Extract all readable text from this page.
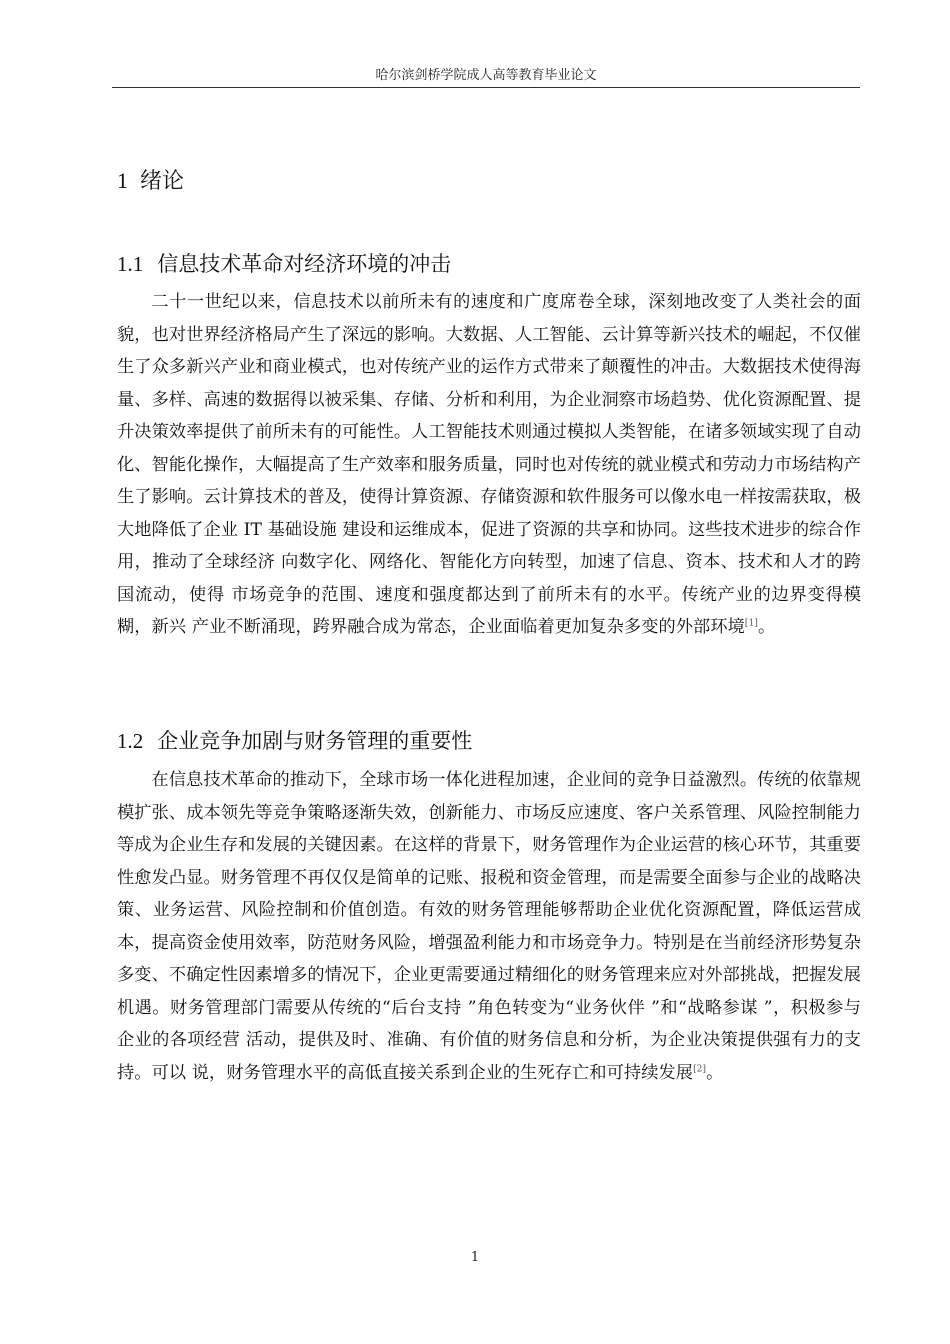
哈尔滨剑桥学院成人高等教育毕业论文
1 绪论
1.1 信息技术革命对经济环境的冲击

二十一世纪以来，信息技术以前所未有的速度和广度席卷全球，深刻地改变了人类社会的面貌，也对世界经济格局产生了深远的影响。大数据、人工智能、云计算等新兴技术的崛起，不仅催生了众多新兴产业和商业模式，也对传统产业的运作方式带来了颠覆性的冲击。大数据技术使得海量、多样、高速的数据得以被采集、存储、分析和利用，为企业洞察市场趋势、优化资源配置、提升决策效率提供了前所未有的可能性。人工智能技术则通过模拟人类智能，在诸多领域实现了自动化、智能化操作，大幅提高了生产效率和服务质量，同时也对传统的就业模式和劳动力市场结构产生了影响。云计算技术的普及，使得计算资源、存储资源和软件服务可以像水电一样按需获取，极大地降低了企业 IT 基础设施 建设和运维成本，促进了资源的共享和协同。这些技术进步的综合作用，推动了全球经济 向数字化、网络化、智能化方向转型，加速了信息、资本、技术和人才的跨国流动，使得 市场竞争的范围、速度和强度都达到了前所未有的水平。传统产业的边界变得模糊，新兴 产业不断涌现，跨界融合成为常态，企业面临着更加复杂多变的外部环境[1]。

1.2 企业竞争加剧与财务管理的重要性

在信息技术革命的推动下，全球市场一体化进程加速，企业间的竞争日益激烈。传统的依靠规模扩张、成本领先等竞争策略逐渐失效，创新能力、市场反应速度、客户关系管理、风险控制能力等成为企业生存和发展的关键因素。在这样的背景下，财务管理作为企业运营的核心环节，其重要性愈发凸显。财务管理不再仅仅是简单的记账、报税和资金管理，而是需要全面参与企业的战略决策、业务运营、风险控制和价值创造。有效的财务管理能够帮助企业优化资源配置，降低运营成本，提高资金使用效率，防范财务风险，增强盈利能力和市场竞争力。特别是在当前经济形势复杂多变、不确定性因素增多的情况下，企业更需要通过精细化的财务管理来应对外部挑战，把握发展机遇。财务管理部门需要从传统的“后台支持 ”角色转变为“业务伙伴 ”和“战略参谋 ”，积极参与企业的各项经营 活动，提供及时、准确、有价值的财务信息和分析，为企业决策提供强有力的支持。可以 说，财务管理水平的高低直接关系到企业的生死存亡和可持续发展[2]。

1
